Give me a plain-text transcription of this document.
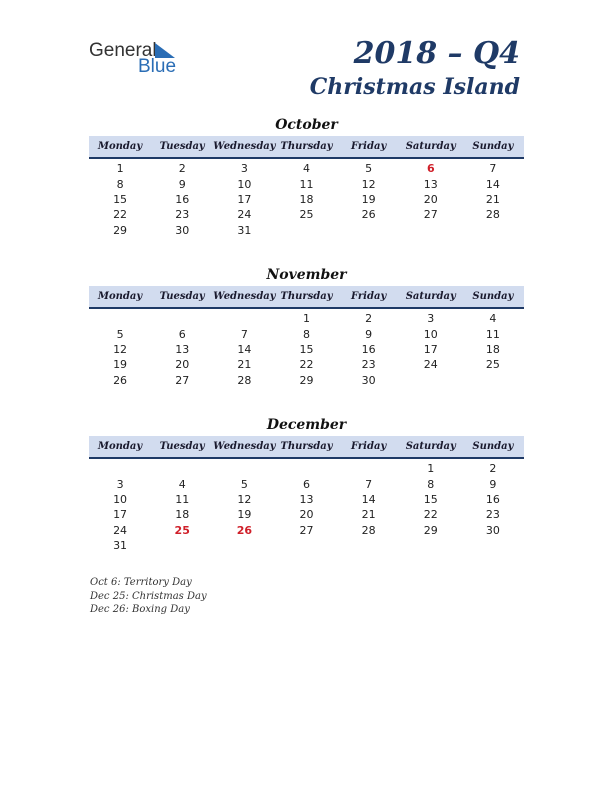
General
Blue	2018 – Q4
Christmas Island
October
Monday	Tuesday	Wednesday	Thursday	Friday	Saturday	Sunday
1	2	3	4	5	6	7
8	9	10	11	12	13	14
15	16	17	18	19	20	21
22	23	24	25	26	27	28
29	30	31				
November
Monday	Tuesday	Wednesday	Thursday	Friday	Saturday	Sunday
			1	2	3	4
5	6	7	8	9	10	11
12	13	14	15	16	17	18
19	20	21	22	23	24	25
26	27	28	29	30		
December
Monday	Tuesday	Wednesday	Thursday	Friday	Saturday	Sunday
					1	2
3	4	5	6	7	8	9
10	11	12	13	14	15	16
17	18	19	20	21	22	23
24	25	26	27	28	29	30
31						
Oct 6: Territory Day
Dec 25: Christmas Day
Dec 26: Boxing Day
